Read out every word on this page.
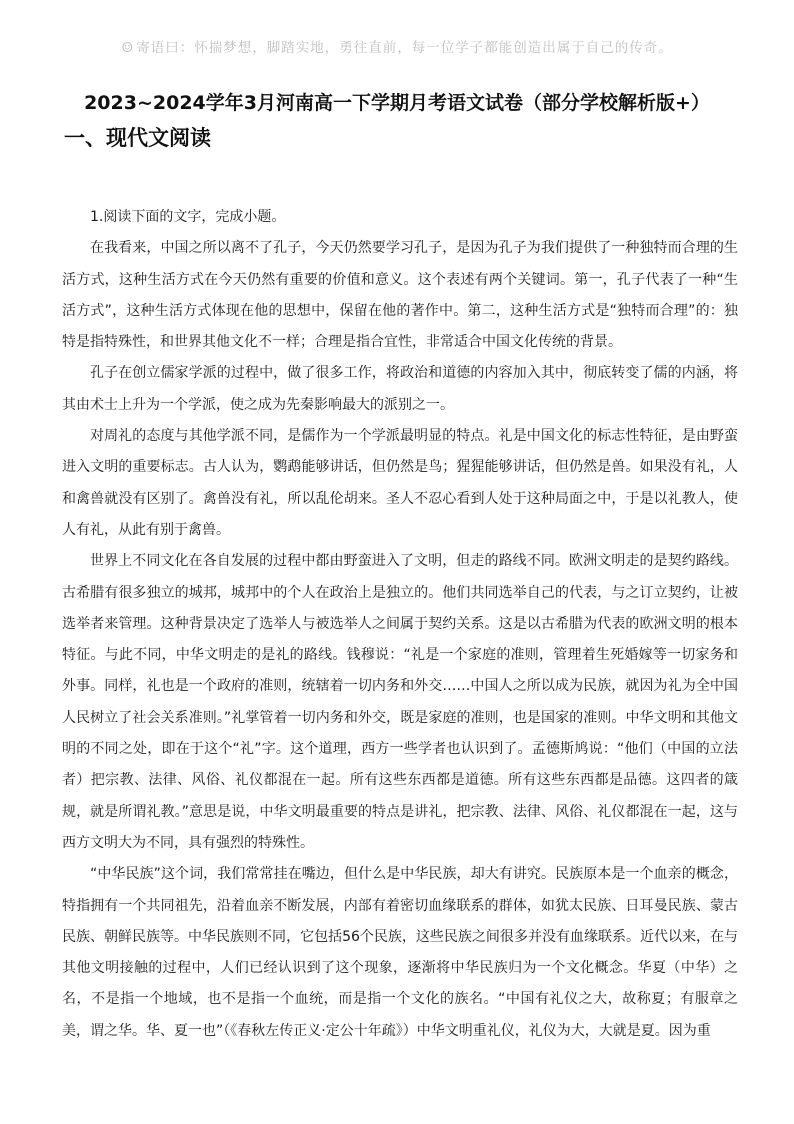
☺ 寄语曰：怀揣梦想，脚踏实地，勇往直前，每一位学子都能创造出属于自己的传奇。
2023~2024学年3月河南高一下学期月考语文试卷（部分学校解析版+）
一、现代文阅读

1.阅读下面的文字，完成小题。

在我看来，中国之所以离不了孔子，今天仍然要学习孔子，是因为孔子为我们提供了一种独特而合理的生活方式，这种生活方式在今天仍然有重要的价值和意义。这个表述有两个关键词。第一，孔子代表了一种“生活方式”，这种生活方式体现在他的思想中，保留在他的著作中。第二，这种生活方式是“独特而合理”的：独特是指特殊性，和世界其他文化不一样；合理是指合宜性，非常适合中国文化传统的背景。

孔子在创立儒家学派的过程中，做了很多工作，将政治和道德的内容加入其中，彻底转变了儒的内涵，将其由术士上升为一个学派，使之成为先秦影响最大的派别之一。

对周礼的态度与其他学派不同，是儒作为一个学派最明显的特点。礼是中国文化的标志性特征，是由野蛮进入文明的重要标志。古人认为，鹦鹉能够讲话，但仍然是鸟；猩猩能够讲话，但仍然是兽。如果没有礼，人和禽兽就没有区别了。禽兽没有礼，所以乱伦胡来。圣人不忍心看到人处于这种局面之中，于是以礼教人，使人有礼，从此有别于禽兽。

世界上不同文化在各自发展的过程中都由野蛮进入了文明，但走的路线不同。欧洲文明走的是契约路线。古希腊有很多独立的城邦，城邦中的个人在政治上是独立的。他们共同选举自己的代表，与之订立契约，让被选举者来管理。这种背景决定了选举人与被选举人之间属于契约关系。这是以古希腊为代表的欧洲文明的根本特征。与此不同，中华文明走的是礼的路线。钱穆说：“礼是一个家庭的准则，管理着生死婚嫁等一切家务和外事。同样，礼也是一个政府的准则，统辖着一切内务和外交……中国人之所以成为民族，就因为礼为全中国人民树立了社会关系准则。”礼掌管着一切内务和外交，既是家庭的准则，也是国家的准则。中华文明和其他文明的不同之处，即在于这个“礼”字。这个道理，西方一些学者也认识到了。孟德斯鸠说：“他们（中国的立法者）把宗教、法律、风俗、礼仪都混在一起。所有这些东西都是道德。所有这些东西都是品德。这四者的箴规，就是所谓礼教。”意思是说，中华文明最重要的特点是讲礼，把宗教、法律、风俗、礼仪都混在一起，这与西方文明大为不同，具有强烈的特殊性。

“中华民族”这个词，我们常常挂在嘴边，但什么是中华民族，却大有讲究。民族原本是一个血亲的概念，特指拥有一个共同祖先，沿着血亲不断发展，内部有着密切血缘联系的群体，如犹太民族、日耳曼民族、蒙古民族、朝鲜民族等。中华民族则不同，它包括56个民族，这些民族之间很多并没有血缘联系。近代以来，在与其他文明接触的过程中，人们已经认识到了这个现象，逐渐将中华民族归为一个文化概念。华夏（中华）之名，不是指一个地域，也不是指一个血统，而是指一个文化的族名。“中国有礼仪之大，故称夏；有服章之美，谓之华。华、夏一也”（《春秋左传正义·定公十年疏》）中华文明重礼仪，礼仪为大，大就是夏。因为重
